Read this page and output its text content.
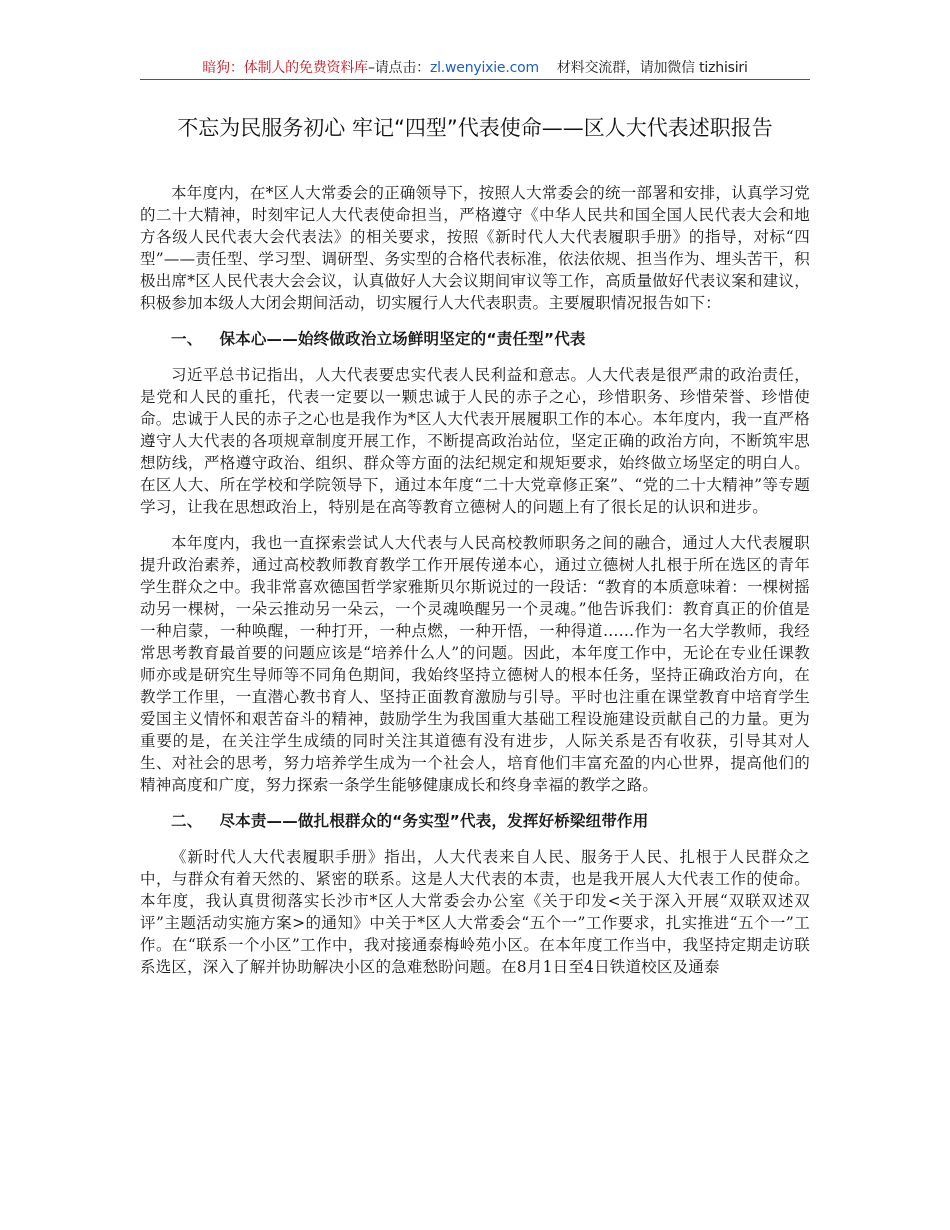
暗狗：体制人的免费资料库–请点击：zl.wenyixie.com 材料交流群，请加微信 tizhisiri
不忘为民服务初心 牢记“四型”代表使命——区人大代表述职报告

本年度内，在*区人大常委会的正确领导下，按照人大常委会的统一部署和安排，认真学习党的二十大精神，时刻牢记人大代表使命担当，严格遵守《中华人民共和国全国人民代表大会和地方各级人民代表大会代表法》的相关要求，按照《新时代人大代表履职手册》的指导，对标“四型”——责任型、学习型、调研型、务实型的合格代表标准，依法依规、担当作为、埋头苦干，积极出席*区人民代表大会会议，认真做好人大会议期间审议等工作，高质量做好代表议案和建议，积极参加本级人大闭会期间活动，切实履行人大代表职责。主要履职情况报告如下：

一、 保本心——始终做政治立场鲜明坚定的“责任型”代表

习近平总书记指出，人大代表要忠实代表人民利益和意志。人大代表是很严肃的政治责任，是党和人民的重托，代表一定要以一颗忠诚于人民的赤子之心，珍惜职务、珍惜荣誉、珍惜使命。忠诚于人民的赤子之心也是我作为*区人大代表开展履职工作的本心。本年度内，我一直严格遵守人大代表的各项规章制度开展工作，不断提高政治站位，坚定正确的政治方向，不断筑牢思想防线，严格遵守政治、组织、群众等方面的法纪规定和规矩要求，始终做立场坚定的明白人。在区人大、所在学校和学院领导下，通过本年度“二十大党章修正案”、“党的二十大精神”等专题学习，让我在思想政治上，特别是在高等教育立德树人的问题上有了很长足的认识和进步。

本年度内，我也一直探索尝试人大代表与人民高校教师职务之间的融合，通过人大代表履职提升政治素养，通过高校教师教育教学工作开展传递本心，通过立德树人扎根于所在选区的青年学生群众之中。我非常喜欢德国哲学家雅斯贝尔斯说过的一段话：“教育的本质意味着：一棵树摇动另一棵树，一朵云推动另一朵云，一个灵魂唤醒另一个灵魂。”他告诉我们：教育真正的价值是一种启蒙，一种唤醒，一种打开，一种点燃，一种开悟，一种得道……作为一名大学教师，我经常思考教育最首要的问题应该是“培养什么人”的问题。因此，本年度工作中，无论在专业任课教师亦或是研究生导师等不同角色期间，我始终坚持立德树人的根本任务，坚持正确政治方向，在教学工作里，一直潜心教书育人、坚持正面教育激励与引导。平时也注重在课堂教育中培育学生爱国主义情怀和艰苦奋斗的精神，鼓励学生为我国重大基础工程设施建设贡献自己的力量。更为重要的是，在关注学生成绩的同时关注其道德有没有进步，人际关系是否有收获，引导其对人生、对社会的思考，努力培养学生成为一个社会人，培育他们丰富充盈的内心世界，提高他们的精神高度和广度，努力探索一条学生能够健康成长和终身幸福的教学之路。

二、 尽本责——做扎根群众的“务实型”代表，发挥好桥梁纽带作用

《新时代人大代表履职手册》指出，人大代表来自人民、服务于人民、扎根于人民群众之中，与群众有着天然的、紧密的联系。这是人大代表的本责，也是我开展人大代表工作的使命。本年度，我认真贯彻落实长沙市*区人大常委会办公室《关于印发<关于深入开展“双联双述双评”主题活动实施方案>的通知》中关于*区人大常委会“五个一”工作要求，扎实推进“五个一”工作。在“联系一个小区”工作中，我对接通泰梅岭苑小区。在本年度工作当中，我坚持定期走访联系选区，深入了解并协助解决小区的急难愁盼问题。在8月1日至4日铁道校区及通泰
